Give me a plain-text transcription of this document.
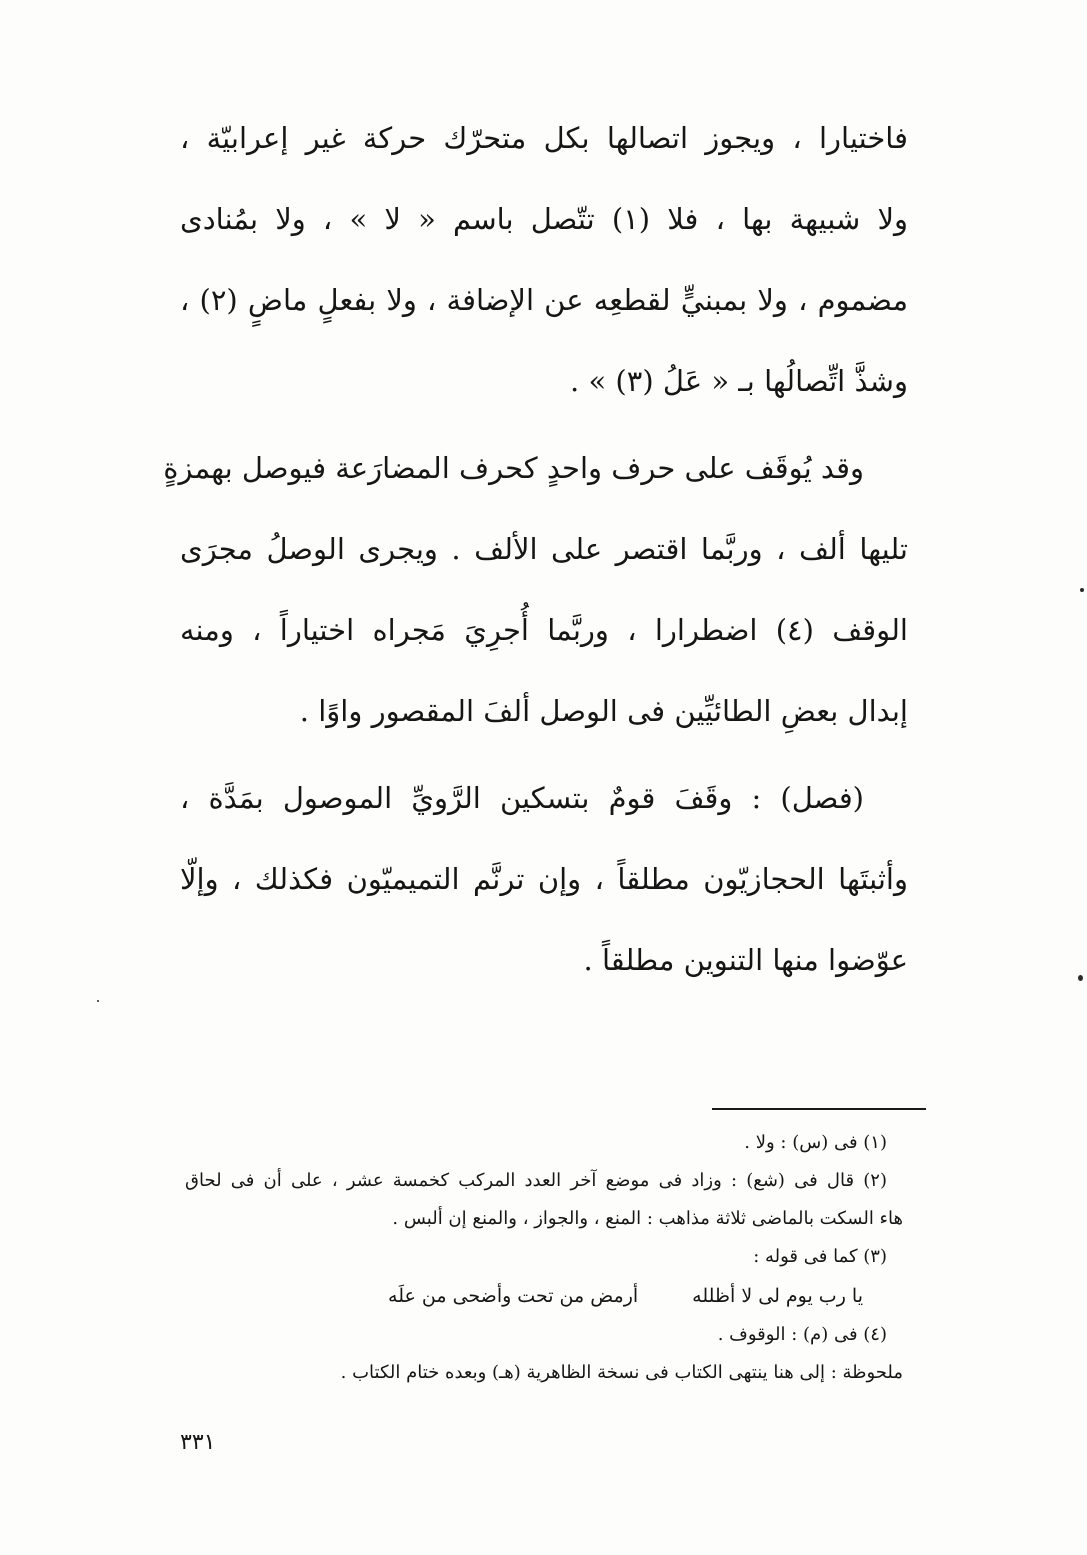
فاختيارا ، ويجوز اتصالها بكل متحرّك حركة غير إعرابيّة ،
ولا شبيهة بها ، فلا (١) تتّصل باسم « لا » ، ولا بمُنادى
مضموم ، ولا بمبنيٍّ لقطعِه عن الإضافة ، ولا بفعلٍ ماضٍ (٢) ،
وشذَّ اتِّصالُها بـ « عَلُ (٣) » .

وقد يُوقَف على حرف واحدٍ كحرف المضارَعة فيوصل بهمزةٍ
تليها ألف ، وربَّما اقتصر على الألف . ويجرى الوصلُ مجرَى
الوقف (٤) اضطرارا ، وربَّما أُجرِيَ مَجراه اختياراً ، ومنه
إبدال بعضِ الطائيِّين فى الوصل ألفَ المقصور واوًا .

(فصل) : وقَفَ قومٌ بتسكين الرَّويِّ الموصول بمَدَّة ،
وأثبتَها الحجازيّون مطلقاً ، وإن ترنَّم التميميّون فكذلك ، وإلّا
عوّضوا منها التنوين مطلقاً .

(١) فى (س) : ولا .
(٢) قال فى (شع) : وزاد فى موضع آخر العدد المركب كخمسة عشر ، على أن فى لحاق
هاء السكت بالماضى ثلاثة مذاهب : المنع ، والجواز ، والمنع إن ألبس .
(٣) كما فى قوله :
يا رب يوم لى لا أظلله
أرمض من تحت وأضحى من علَه
(٤) فى (م) : الوقوف .
ملحوظة : إلى هنا ينتهى الكتاب فى نسخة الظاهرية (هـ) وبعده ختام الكتاب .
٣٣١
